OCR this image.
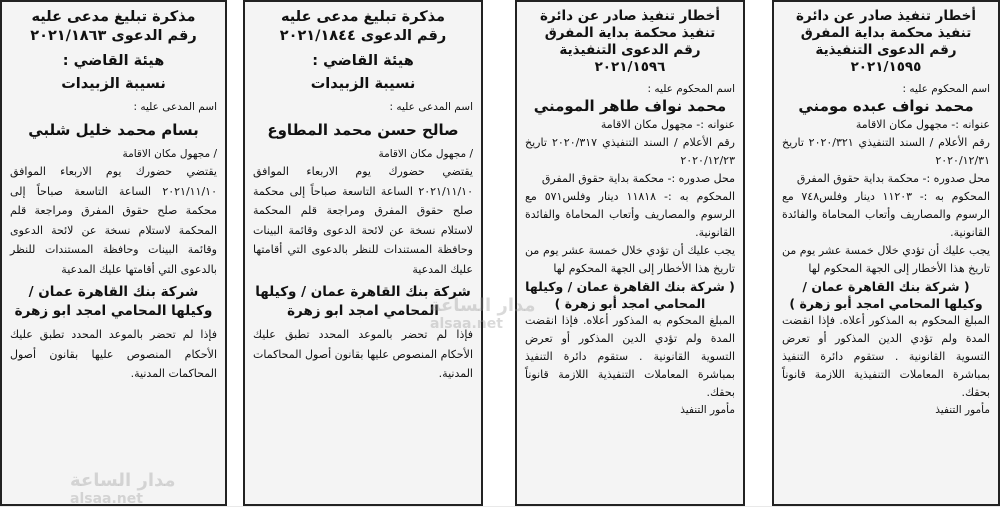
مذكرة تبليغ مدعى عليه
رقم الدعوى ٢٠٢١/١٨٦٣
هيئة القاضي :
نسيبة الزبيدات
اسم المدعى عليه :
بسام محمد خليل شلبي
/ مجهول مكان الاقامة
يقتضي حضورك يوم الاربعاء الموافق ٢٠٢١/١١/١٠ الساعة التاسعة صباحاً إلى محكمة صلح حقوق المفرق ومراجعة قلم المحكمة لاستلام نسخة عن لائحة الدعوى وقائمة البينات وحافظة المستندات للنظر بالدعوى التي أقامتها عليك المدعية
شركة بنك القاهرة عمان / وكيلها المحامي امجد ابو زهرة
فإذا لم تحضر بالموعد المحدد تطبق عليك الأحكام المنصوص عليها بقانون أصول المحاكمات المدنية.
مذكرة تبليغ مدعى عليه
رقم الدعوى ٢٠٢١/١٨٤٤
هيئة القاضي :
نسيبة الزبيدات
اسم المدعى عليه :
صالح حسن محمد المطاوع
/ مجهول مكان الاقامة
يقتضي حضورك يوم الاربعاء الموافق ٢٠٢١/١١/١٠ الساعة التاسعة صباحاً إلى محكمة صلح حقوق المفرق ومراجعة قلم المحكمة لاستلام نسخة عن لائحة الدعوى وقائمة البينات وحافظة المستندات للنظر بالدعوى التي أقامتها عليك المدعية
شركة بنك القاهرة عمان / وكيلها المحامي امجد ابو زهرة
فإذا لم تحضر بالموعد المحدد تطبق عليك الأحكام المنصوص عليها بقانون أصول المحاكمات المدنية.
أخطار تنفيذ صادر عن دائرة
تنفيذ محكمة بداية المفرق
رقم الدعوى التنفيذية
٢٠٢١/١٥٩٦
اسم المحكوم عليه :
محمد نواف طاهر المومني
عنوانه :- مجهول مكان الاقامة
رقم الأعلام / السند التنفيذي ٢٠٢٠/٣١٧ تاريخ ٢٠٢٠/١٢/٢٣
محل صدوره :- محكمة بداية حقوق المفرق
المحكوم به :- ١١٨١٨ دينار وفلس٥٧١ مع الرسوم والمصاريف وأتعاب المحاماة والفائدة القانونية.
يجب عليك أن تؤدي خلال خمسة عشر يوم من تاريخ هذا الأخطار إلى الجهة المحكوم لها
( شركة بنك القاهرة عمان / وكيلها المحامي امجد أبو زهرة )
المبلغ المحكوم به المذكور أعلاه. فإذا انقضت المدة ولم تؤدي الدين المذكور أو تعرض التسوية القانونية . ستقوم دائرة التنفيذ بمباشرة المعاملات التنفيذية اللازمة قانوناً بحقك.
مأمور التنفيذ
أخطار تنفيذ صادر عن دائرة
تنفيذ محكمة بداية المفرق
رقم الدعوى التنفيذية
٢٠٢١/١٥٩٥
اسم المحكوم عليه :
محمد نواف عبده مومني
عنوانه :- مجهول مكان الاقامة
رقم الأعلام / السند التنفيذي ٢٠٢٠/٣٢١ تاريخ ٢٠٢٠/١٢/٣١
محل صدوره :- محكمة بداية حقوق المفرق
المحكوم به :- ١١٢٠٣ دينار وفلس٧٤٨ مع الرسوم والمصاريف وأتعاب المحاماة والفائدة القانونية.
يجب عليك أن تؤدي خلال خمسة عشر يوم من تاريخ هذا الأخطار إلى الجهة المحكوم لها
( شركة بنك القاهرة عمان / وكيلها المحامي امجد أبو زهرة )
المبلغ المحكوم به المذكور أعلاه. فإذا انقضت المدة ولم تؤدي الدين المذكور أو تعرض التسوية القانونية . ستقوم دائرة التنفيذ بمباشرة المعاملات التنفيذية اللازمة قانوناً بحقك.
مأمور التنفيذ
مدار الساعة
alsaa.net
مدار الساعة
alsaa.net
